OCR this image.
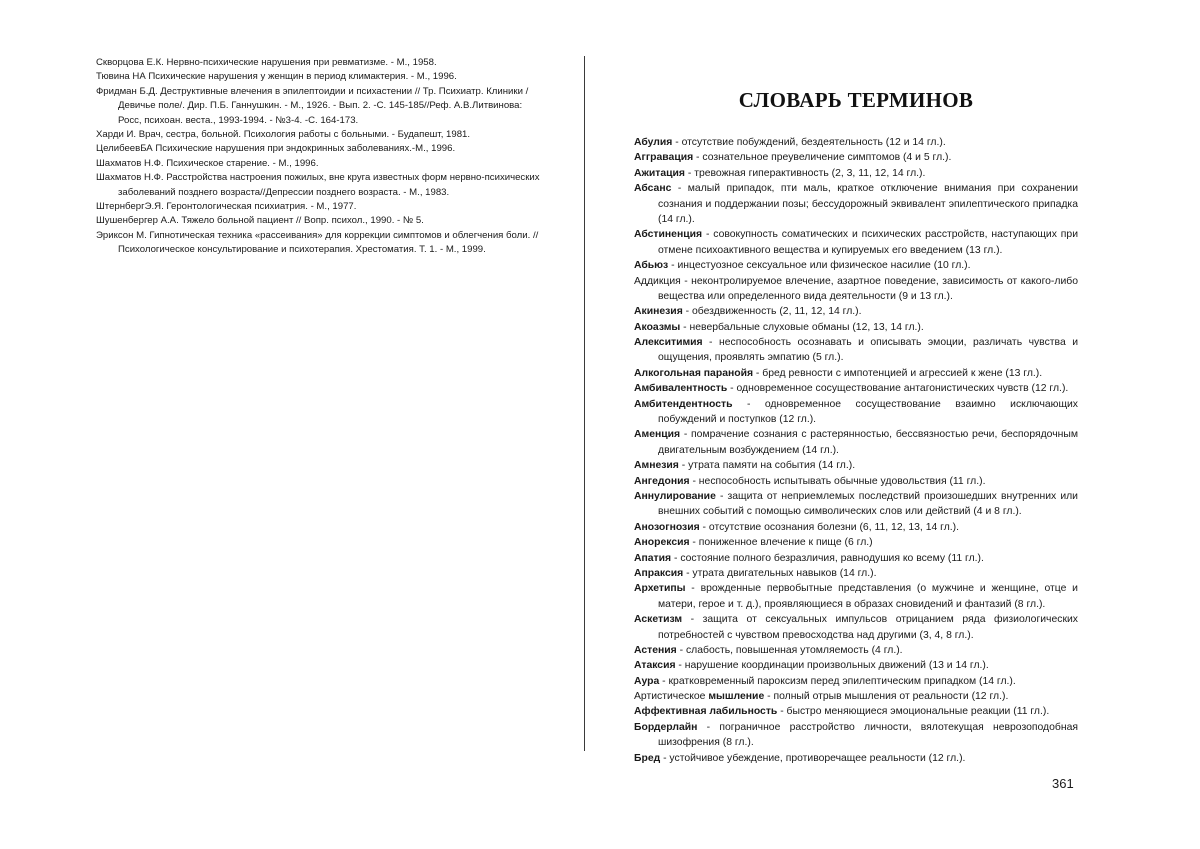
Скворцова Е.К. Нервно-психические нарушения при ревматизме. - М., 1958.

Тювина НА Психические нарушения у женщин в период климактерия. - М., 1996.

Фридман Б.Д. Деструктивные влечения в эпилептоидии и психастении // Тр. Психиатр. Клиники /Девичье поле/. Дир. П.Б. Ганнушкин. - М., 1926. - Вып. 2. -С. 145-185//Реф. А.В.Литвинова: Росс, психоан. веста., 1993-1994. - №3-4. -С. 164-173.

Харди И. Врач, сестра, больной. Психология работы с больными. - Будапешт, 1981.

ЦелибеевБА Психические нарушения при эндокринных заболеваниях.-М., 1996.

Шахматов Н.Ф. Психическое старение. - М., 1996.

Шахматов Н.Ф. Расстройства настроения пожилых, вне круга известных форм нервно-психических заболеваний позднего возраста//Депрессии позднего возраста. - М., 1983.

ШтернбергЭ.Я. Геронтологическая психиатрия. - М., 1977.

Шушенбергер А.А. Тяжело больной пациент // Вопр. психол., 1990. - № 5.

Эриксон М. Гипнотическая техника «рассеивания» для коррекции симптомов и облегчения боли. // Психологическое консультирование и психотерапия. Хрестоматия. Т. 1. - М., 1999.

СЛОВАРЬ ТЕРМИНОВ

Абулия - отсутствие побуждений, бездеятельность (12 и 14 гл.).

Аггравация - сознательное преувеличение симптомов (4 и 5 гл.).

Ажитация - тревожная гиперактивность (2, 3, 11, 12, 14 гл.).

Абсанс - малый припадок, пти маль, краткое отключение внимания при сохранении сознания и поддержании позы; бессудорожный эквивалент эпилептического припадка (14 гл.).

Абстиненция - совокупность соматических и психических расстройств, наступающих при отмене психоактивного вещества и купируемых его введением (13 гл.).

Абьюз - инцестуозное сексуальное или физическое насилие (10 гл.).

Аддикция - неконтролируемое влечение, азартное поведение, зависимость от какого-либо вещества или определенного вида деятельности (9 и 13 гл.).

Акинезия - обездвиженность (2, 11, 12, 14 гл.).

Акоазмы - невербальные слуховые обманы (12, 13, 14 гл.).

Алекситимия - неспособность осознавать и описывать эмоции, различать чувства и ощущения, проявлять эмпатию (5 гл.).

Алкогольная паранойя - бред ревности с импотенцией и агрессией к жене (13 гл.).

Амбивалентность - одновременное сосуществование антагонистических чувств (12 гл.).

Амбитендентность - одновременное сосуществование взаимно исключающих побуждений и поступков (12 гл.).

Аменция - помрачение сознания с растерянностью, бессвязностью речи, беспорядочным двигательным возбуждением (14 гл.).

Амнезия - утрата памяти на события (14 гл.).

Ангедония - неспособность испытывать обычные удовольствия (11 гл.).

Аннулирование - защита от неприемлемых последствий произошедших внутренних или внешних событий с помощью символических слов или действий (4 и 8 гл.).

Анозогнозия - отсутствие осознания болезни (6, 11, 12, 13, 14 гл.).

Анорексия - пониженное влечение к пище (6 гл.)

Апатия - состояние полного безразличия, равнодушия ко всему (11 гл.).

Апраксия - утрата двигательных навыков (14 гл.).

Архетипы - врожденные первобытные представления (о мужчине и женщине, отце и матери, герое и т. д.), проявляющиеся в образах сновидений и фантазий (8 гл.).

Аскетизм - защита от сексуальных импульсов отрицанием ряда физиологических потребностей с чувством превосходства над другими (3, 4, 8 гл.).

Астения - слабость, повышенная утомляемость (4 гл.).

Атаксия - нарушение координации произвольных движений (13 и 14 гл.).

Аура - кратковременный пароксизм перед эпилептическим припадком (14 гл.).

Артистическое мышление - полный отрыв мышления от реальности (12 гл.).

Аффективная лабильность - быстро меняющиеся эмоциональные реакции (11 гл.).

Бордерлайн - пограничное расстройство личности, вялотекущая неврозоподобная шизофрения (8 гл.).

Бред - устойчивое убеждение, противоречащее реальности (12 гл.).

361
